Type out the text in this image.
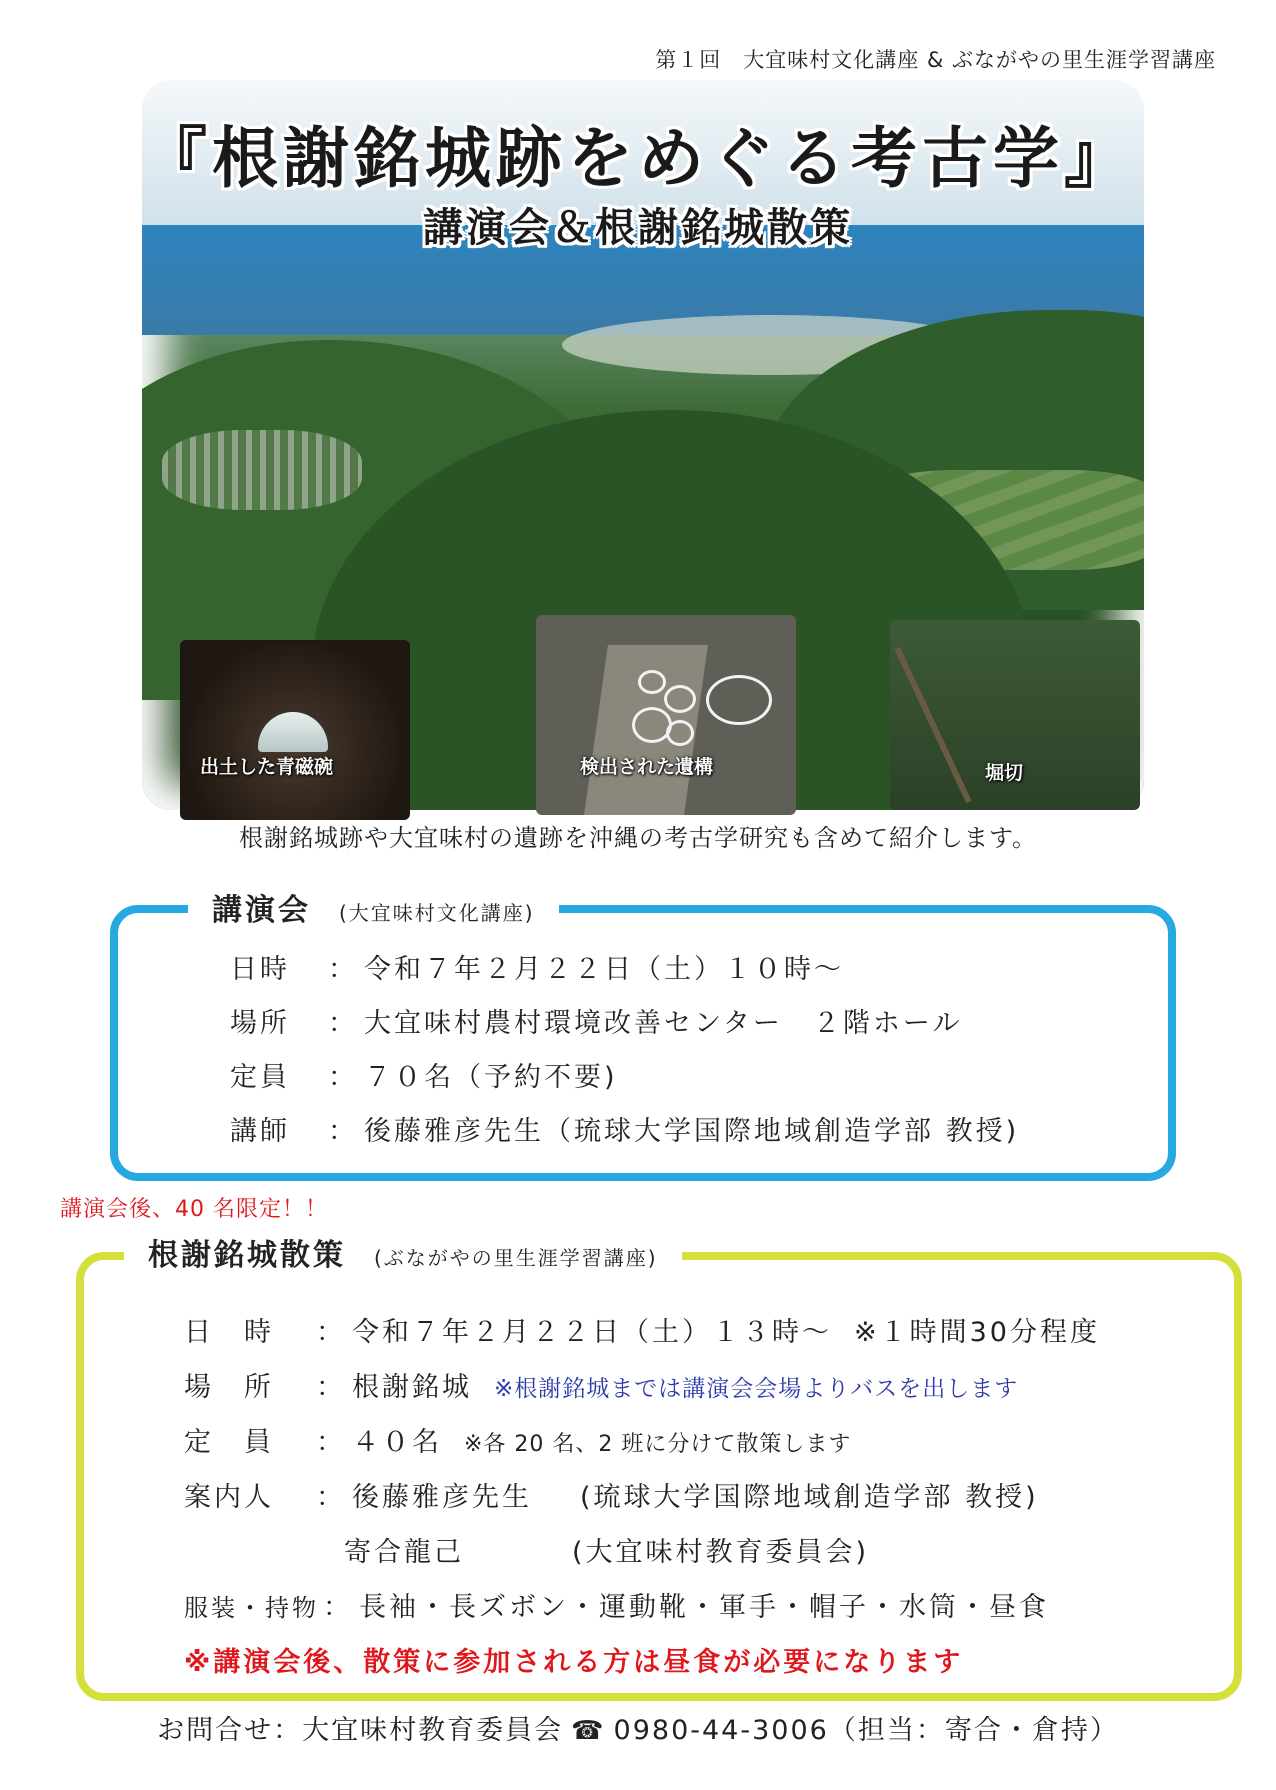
第１回　大宜味村文化講座 & ぶながやの里生涯学習講座
出土した青磁碗	検出された遺構	堀切
『根謝銘城跡をめぐる考古学』
講演会＆根謝銘城散策
根謝銘城跡や大宜味村の遺跡を沖縄の考古学研究も含めて紹介します。
講演会 (大宜味村文化講座)
日時	： 令和７年２月２２日（土）１０時〜
場所	： 大宜味村農村環境改善センター　２階ホール
定員	： ７０名（予約不要)
講師	： 後藤雅彦先生（琉球大学国際地域創造学部 教授)
講演会後、40 名限定！！
根謝銘城散策 (ぶながやの里生涯学習講座)
日　時	： 令和７年２月２２日（土）１３時〜 ※１時間30分程度
場　所	： 根謝銘城 ※根謝銘城までは講演会会場よりバスを出します
定　員	： ４０名 ※各 20 名、2 班に分けて散策します
案内人	： 後藤雅彦先生	(琉球大学国際地域創造学部 教授)
寄合龍己	(大宜味村教育委員会)
服装・持物 ： 長袖・長ズボン・運動靴・軍手・帽子・水筒・昼食
※講演会後、散策に参加される方は昼食が必要になります
お問合せ：大宜味村教育委員会 ☎ 0980-44-3006（担当：寄合・倉持）
